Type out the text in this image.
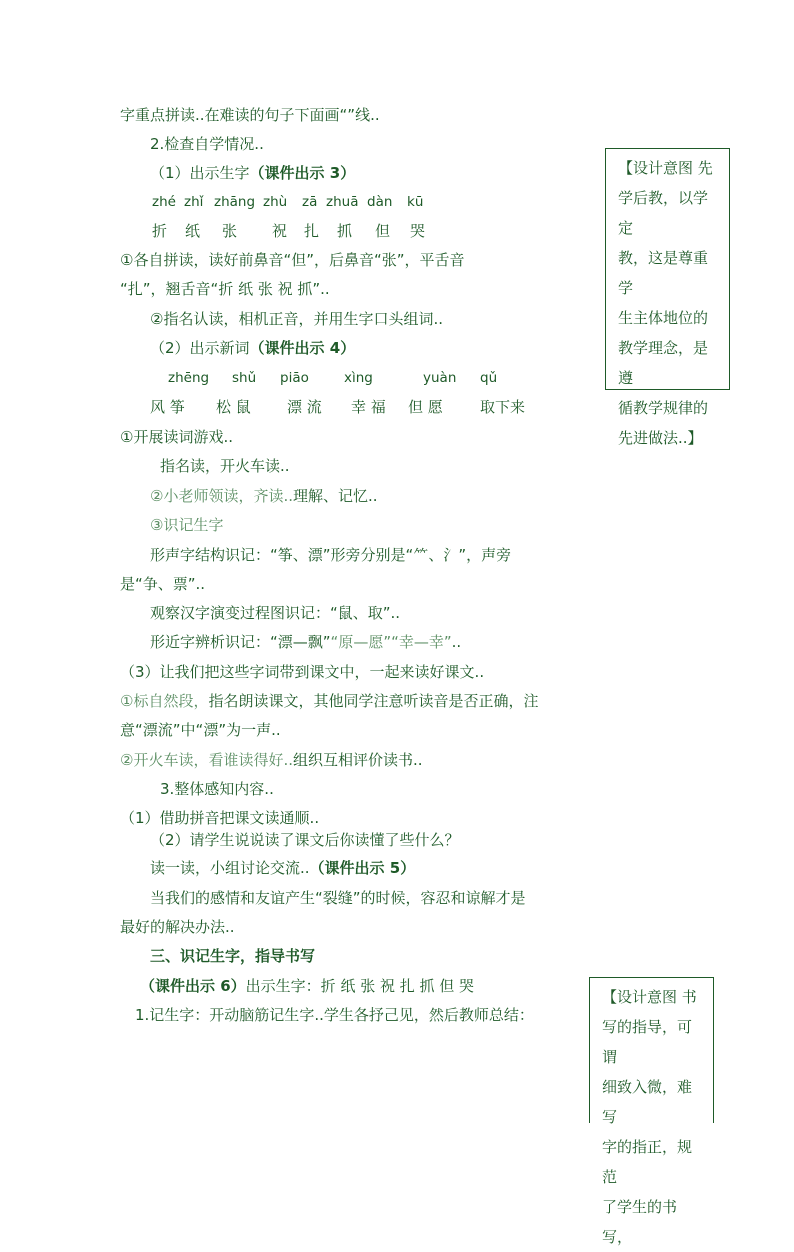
字重点拼读..在难读的句子下面画“”线..
2.检查自学情况..
（1）出示生字（课件出示 3）
zhé zhǐ zhāng zhù zā zhuā dàn kū
折 纸 张 祝 扎 抓 但 哭
①各自拼读，读好前鼻音“但”，后鼻音“张”，平舌音
“扎”，翘舌音“折 纸 张 祝 抓”..
②指名认读，相机正音，并用生字口头组词..
（2）出示新词（课件出示 4）
zhēng shǔ piāo	xìng	yuàn qǔ
风 筝 松 鼠 漂 流 幸 福 但 愿 取下来
①开展读词游戏..
指名读，开火车读..
②小老师领读，齐读..理解、记忆..
③识记生字
形声字结构识记：“筝、漂”形旁分别是“⺮、氵”，声旁
是“争、票”..
观察汉字演变过程图识记：“鼠、取”..
形近字辨析识记：“漂—飘”“原—愿”“幸—幸”..
（3）让我们把这些字词带到课文中，一起来读好课文..
①标自然段，指名朗读课文，其他同学注意听读音是否正确，注
意“漂流”中“漂”为一声..
②开火车读，看谁读得好..组织互相评价读书..
3.整体感知内容..
（1）借助拼音把课文读通顺..
（2）请学生说说读了课文后你读懂了些什么？
读一读，小组讨论交流..（课件出示 5）
当我们的感情和友谊产生“裂缝”的时候，容忍和谅解才是
最好的解决办法..
三、识记生字，指导书写
（课件出示 6）出示生字：折 纸 张 祝 扎 抓 但 哭
1.记生字：开动脑筋记生字..学生各抒己见，然后教师总结：
【设计意图 先
学后教，以学定
教，这是尊重学
生主体地位的
教学理念，是遵
循教学规律的
先进做法..】
【设计意图 书
写的指导，可谓
细致入微，难写
字的指正，规范
了学生的书写，
